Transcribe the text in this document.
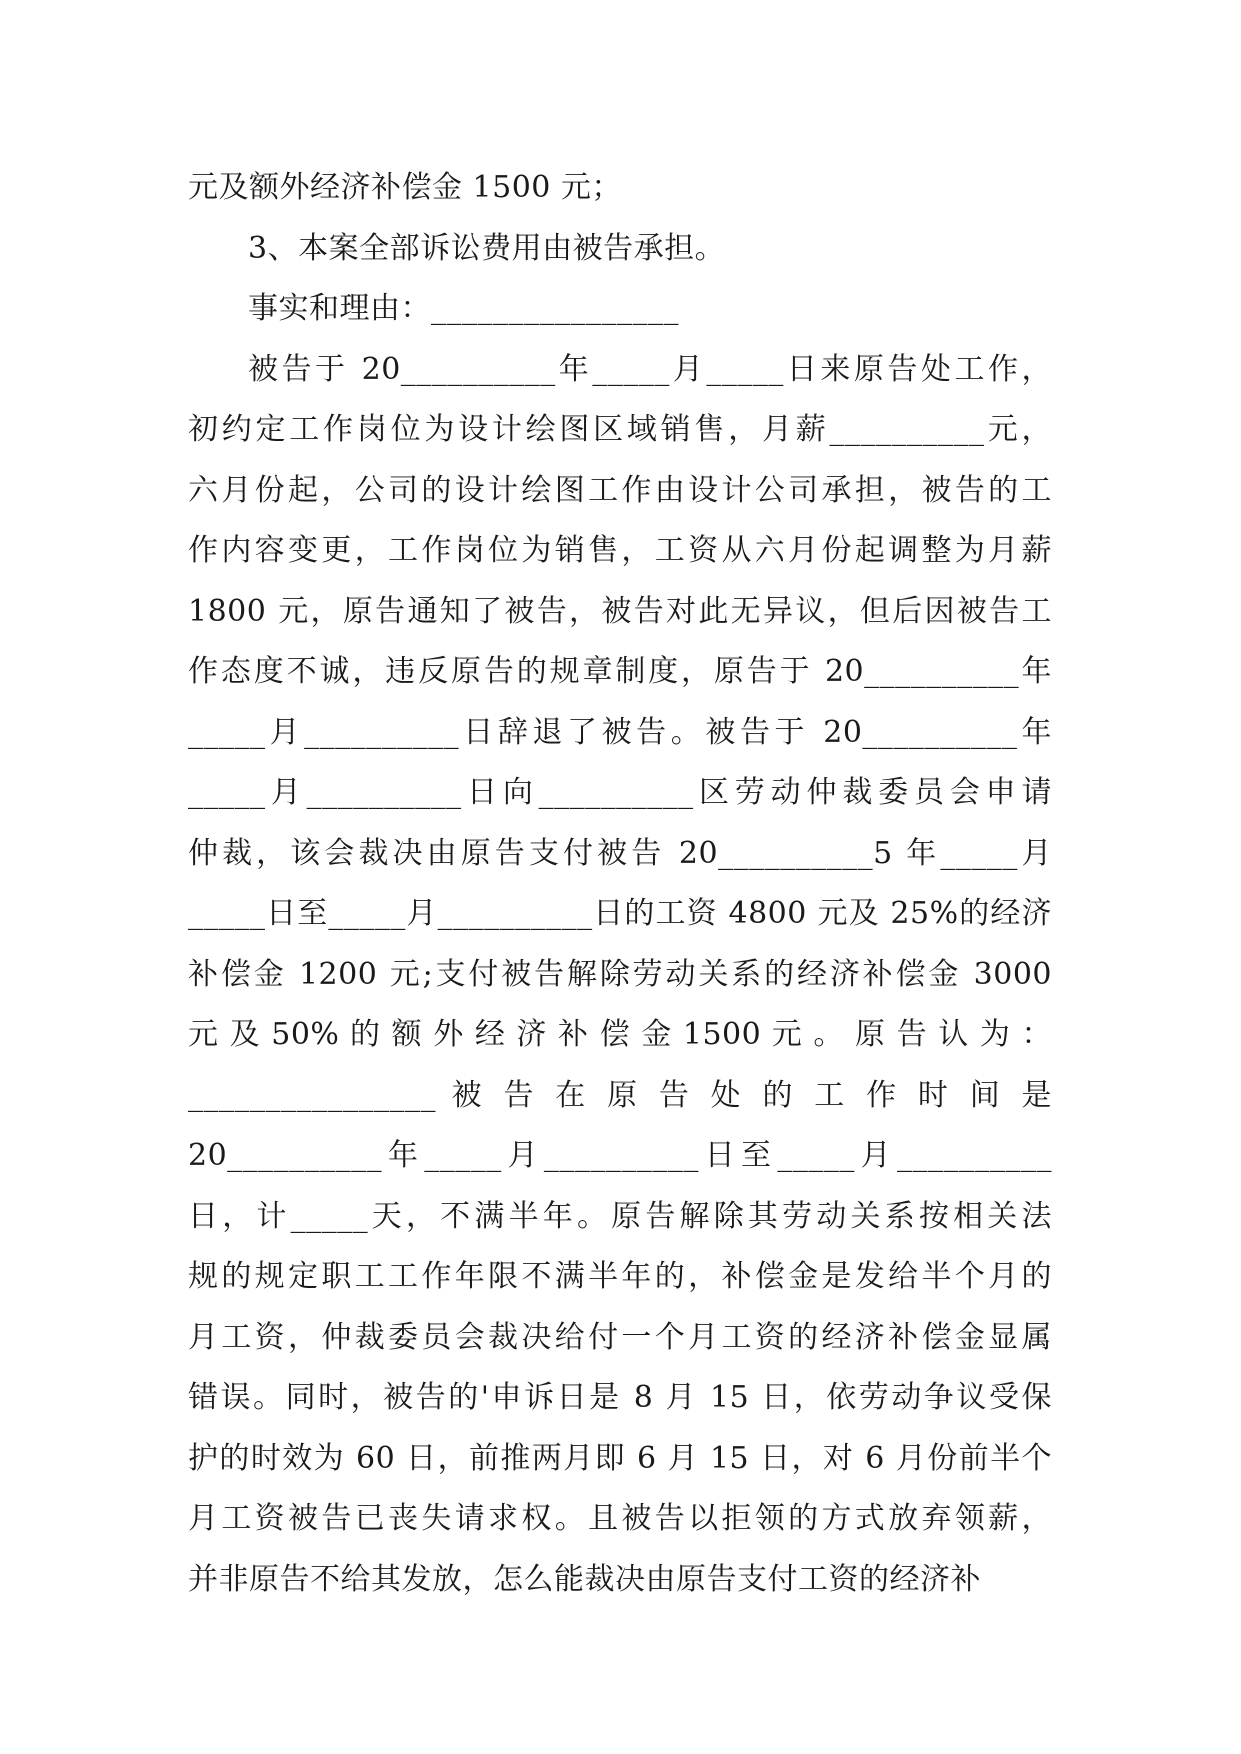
元及额外经济补偿金 1500 元；
3、本案全部诉讼费用由被告承担。
事实和理由：________________
被告于 20__________年_____月_____日来原告处工作，
初约定工作岗位为设计绘图区域销售，月薪__________元，
六月份起，公司的设计绘图工作由设计公司承担，被告的工
作内容变更，工作岗位为销售，工资从六月份起调整为月薪
1800 元，原告通知了被告，被告对此无异议，但后因被告工
作态度不诚，违反原告的规章制度，原告于 20__________年
_____月__________日辞退了被告。被告于 20__________年
_____月__________日向__________区劳动仲裁委员会申请
仲裁，该会裁决由原告支付被告 20__________5 年_____月
_____日至_____月__________日的工资 4800 元及 25%的经济
补偿金 1200 元;支付被告解除劳动关系的经济补偿金 3000
元 及 50% 的 额 外 经 济 补 偿 金 1500 元 。 原 告 认 为 ：
________________ 被 告 在 原 告 处 的 工 作 时 间 是
20__________年_____月__________日至_____月__________
日，计_____天，不满半年。原告解除其劳动关系按相关法
规的规定职工工作年限不满半年的，补偿金是发给半个月的
月工资，仲裁委员会裁决给付一个月工资的经济补偿金显属
错误。同时，被告的'申诉日是 8 月 15 日，依劳动争议受保
护的时效为 60 日，前推两月即 6 月 15 日，对 6 月份前半个
月工资被告已丧失请求权。且被告以拒领的方式放弃领薪，
并非原告不给其发放，怎么能裁决由原告支付工资的经济补
